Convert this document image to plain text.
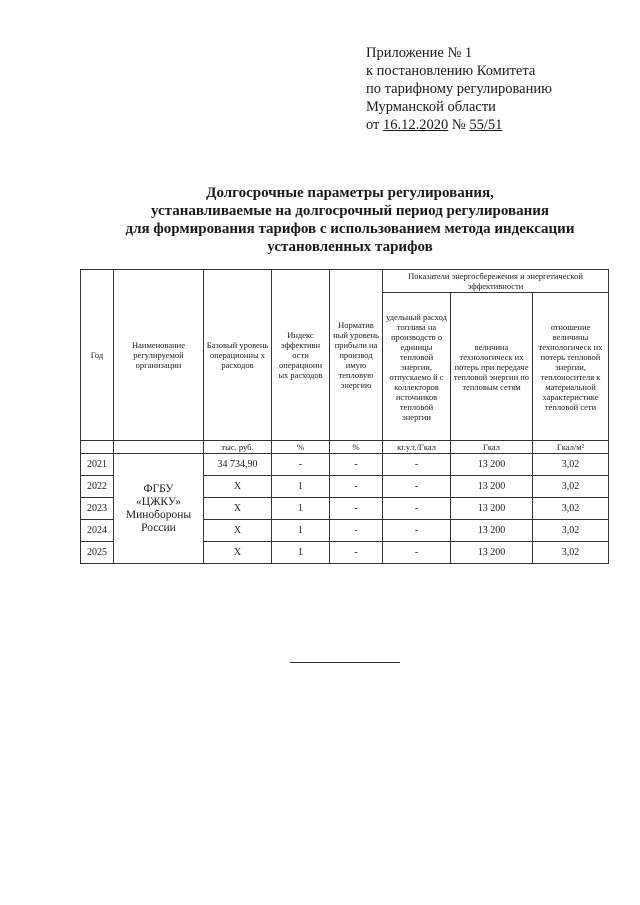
Приложение № 1
к постановлению Комитета
по тарифному регулированию
Мурманской области
от 16.12.2020 № 55/51
Долгосрочные параметры регулирования,
устанавливаемые на долгосрочный период регулирования
для формирования тарифов с использованием метода индексации
установленных тарифов
Год	Наименование регулируемой организации	Базовый уровень операционны х расходов	Индекс эффективн ости операционн ых расходов	Норматив ный уровень прибыли на производ имую тепловую энергию	Показатели энергосбережения и энергетической эффективности		
					удельный расход топлива на производств о единицы тепловой энергии, отпускаемо й с коллекторов источников тепловой энергии	величина технологическ их потерь при передаче тепловой энергии по тепловым сетям	отношение величины технологическ их потерь тепловой энергии, теплоносителя к материальной характеристике тепловой сети
		тыс. руб.	%	%	кг.у.т./Гкал	Гкал	Гкал/м²
2021	ФГБУ
«ЦЖКУ»
Минобороны
России	34 734,90	-	-	-	13 200	3,02
2022		X	1	-	-	13 200	3,02
2023		X	1	-	-	13 200	3,02
2024		X	1	-	-	13 200	3,02
2025		X	1	-	-	13 200	3,02
